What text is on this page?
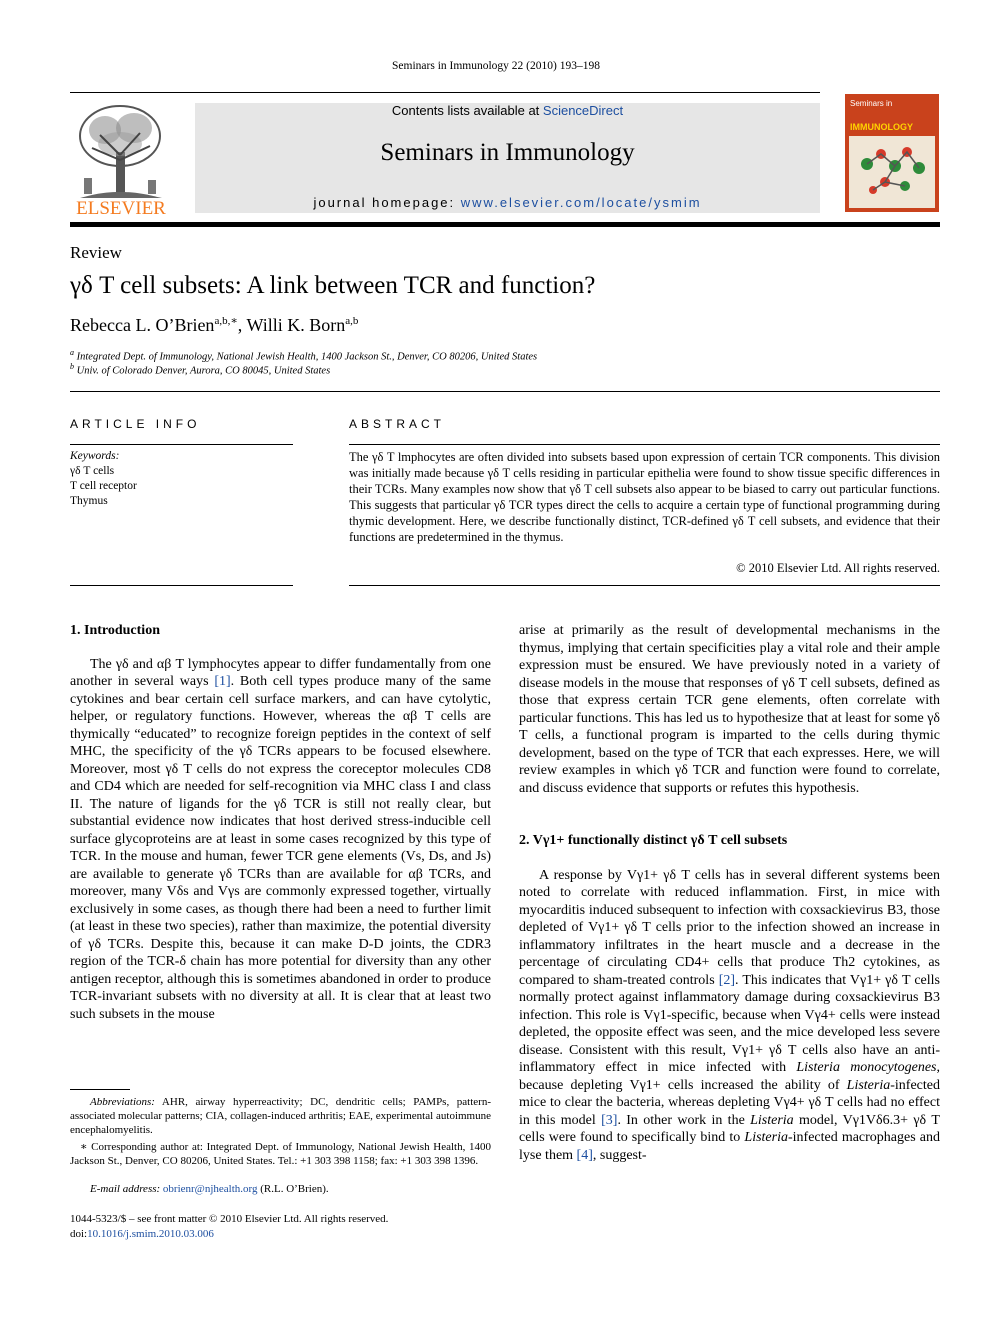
Seminars in Immunology 22 (2010) 193–198
ELSEVIER
Contents lists available at ScienceDirect
Seminars in Immunology
journal homepage: www.elsevier.com/locate/ysmim
Seminars in
IMMUNOLOGY
Review
γδ T cell subsets: A link between TCR and function?
Rebecca L. O’Brien$^{a,b,∗}$, Willi K. Born$^{a,b}$
$^a$ Integrated Dept. of Immunology, National Jewish Health, 1400 Jackson St., Denver, CO 80206, United States
$^b$ Univ. of Colorado Denver, Aurora, CO 80045, United States
ARTICLE INFO
Keywords:
γδ T cells
T cell receptor
Thymus
ABSTRACT
The γδ T lmphocytes are often divided into subsets based upon expression of certain TCR components. This division was initially made because γδ T cells residing in particular epithelia were found to show tissue specific differences in their TCRs. Many examples now show that γδ T cell subsets also appear to be biased to carry out particular functions. This suggests that particular γδ TCR types direct the cells to acquire a certain type of functional programming during thymic development. Here, we describe functionally distinct, TCR-defined γδ T cell subsets, and evidence that their functions are predetermined in the thymus.
© 2010 Elsevier Ltd. All rights reserved.
1. Introduction

The γδ and αβ T lymphocytes appear to differ fundamentally from one another in several ways [1]. Both cell types produce many of the same cytokines and bear certain cell surface markers, and can have cytolytic, helper, or regulatory functions. However, whereas the αβ T cells are thymically “educated” to recognize foreign peptides in the context of self MHC, the specificity of the γδ TCRs appears to be focused elsewhere. Moreover, most γδ T cells do not express the coreceptor molecules CD8 and CD4 which are needed for self-recognition via MHC class I and class II. The nature of ligands for the γδ TCR is still not really clear, but substantial evidence now indicates that host derived stress-inducible cell surface glycoproteins are at least in some cases recognized by this type of TCR. In the mouse and human, fewer TCR gene elements (Vs, Ds, and Js) are available to generate γδ TCRs than are available for αβ TCRs, and moreover, many Vδs and Vγs are commonly expressed together, virtually exclusively in some cases, as though there had been a need to further limit (at least in these two species), rather than maximize, the potential diversity of γδ TCRs. Despite this, because it can make D-D joints, the CDR3 region of the TCR-δ chain has more potential for diversity than any other antigen receptor, although this is sometimes abandoned in order to produce TCR-invariant subsets with no diversity at all. It is clear that at least two such subsets in the mouse

arise at primarily as the result of developmental mechanisms in the thymus, implying that certain specificities play a vital role and their ample expression must be ensured. We have previously noted in a variety of disease models in the mouse that responses of γδ T cell subsets, defined as those that express certain TCR gene elements, often correlate with particular functions. This has led us to hypothesize that at least for some γδ T cells, a functional program is imparted to the cells during thymic development, based on the type of TCR that each expresses. Here, we will review examples in which γδ TCR and function were found to correlate, and discuss evidence that supports or refutes this hypothesis.

2. Vγ1+ functionally distinct γδ T cell subsets

A response by Vγ1+ γδ T cells has in several different systems been noted to correlate with reduced inflammation. First, in mice with myocarditis induced subsequent to infection with coxsackievirus B3, those depleted of Vγ1+ γδ T cells prior to the infection showed an increase in inflammatory infiltrates in the heart muscle and a decrease in the percentage of circulating CD4+ cells that produce Th2 cytokines, as compared to sham-treated controls [2]. This indicates that Vγ1+ γδ T cells normally protect against inflammatory damage during coxsackievirus B3 infection. This role is Vγ1-specific, because when Vγ4+ cells were instead depleted, the opposite effect was seen, and the mice developed less severe disease. Consistent with this result, Vγ1+ γδ T cells also have an anti-inflammatory effect in mice infected with Listeria monocytogenes, because depleting Vγ1+ cells increased the ability of Listeria-infected mice to clear the bacteria, whereas depleting Vγ4+ γδ T cells had no effect in this model [3]. In other work in the Listeria model, Vγ1Vδ6.3+ γδ T cells were found to specifically bind to Listeria-infected macrophages and lyse them [4], suggest-

Abbreviations: AHR, airway hyperreactivity; DC, dendritic cells; PAMPs, pattern-associated molecular patterns; CIA, collagen-induced arthritis; EAE, experimental autoimmune encephalomyelitis.
∗ Corresponding author at: Integrated Dept. of Immunology, National Jewish Health, 1400 Jackson St., Denver, CO 80206, United States. Tel.: +1 303 398 1158; fax: +1 303 398 1396.
E-mail address: obrienr@njhealth.org (R.L. O’Brien).
1044-5323/$ – see front matter © 2010 Elsevier Ltd. All rights reserved.
doi:10.1016/j.smim.2010.03.006
